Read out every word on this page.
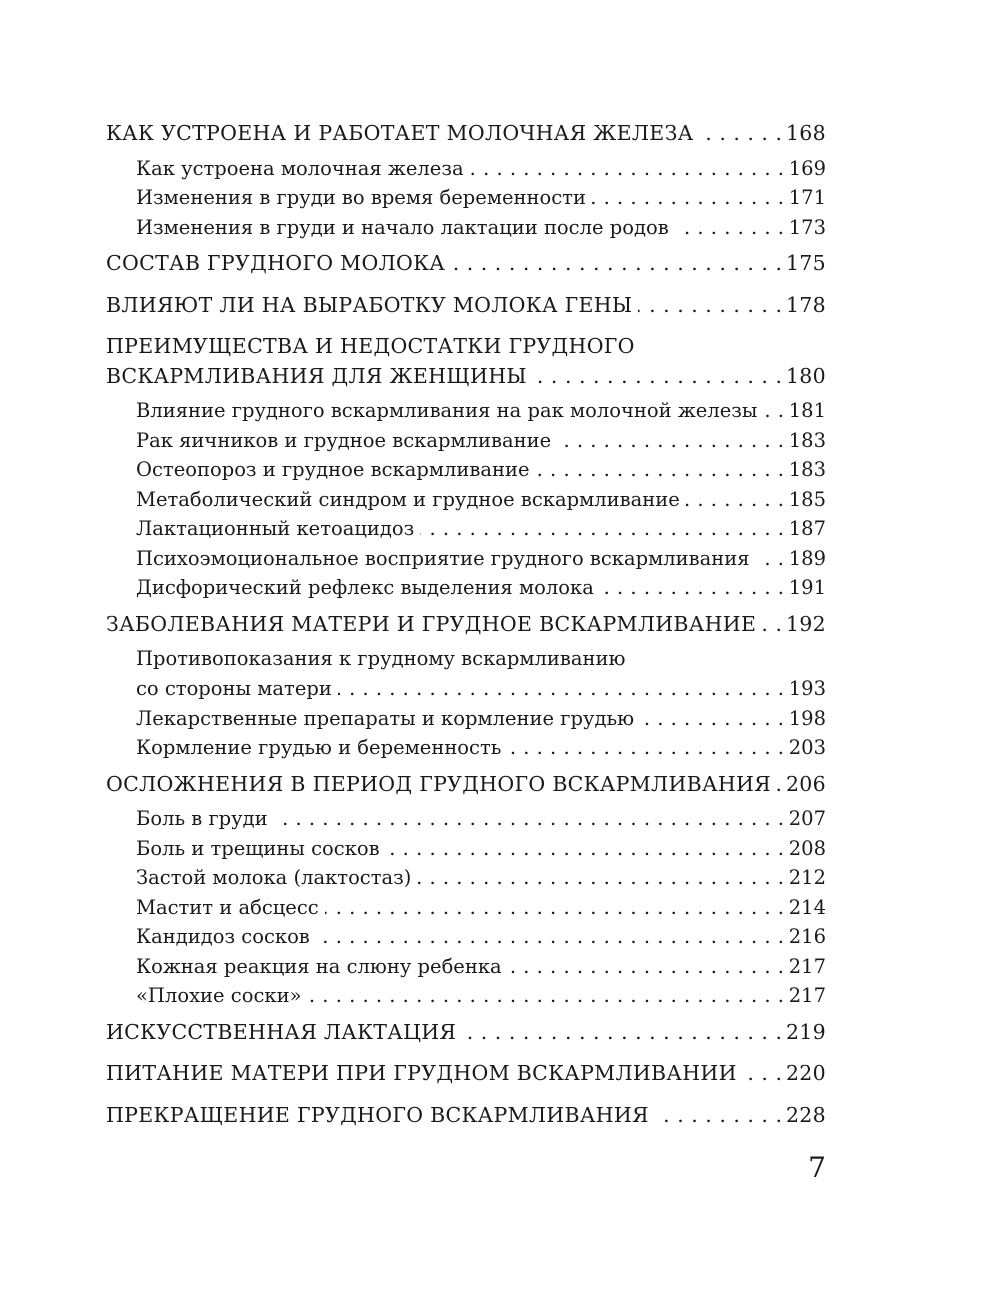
КАК УСТРОЕНА И РАБОТАЕТ МОЛОЧНАЯ ЖЕЛЕЗА . . .	168
Как устроена молочная железа . . .	169
Изменения в груди во время беременности . . .	171
Изменения в груди и начало лактации после родов . . .	173
СОСТАВ ГРУДНОГО МОЛОКА . . .	175
ВЛИЯЮТ ЛИ НА ВЫРАБОТКУ МОЛОКА ГЕНЫ . . .	178
ПРЕИМУЩЕСТВА И НЕДОСТАТКИ ГРУДНОГО
ВСКАРМЛИВАНИЯ ДЛЯ ЖЕНЩИНЫ . . .	180
Влияние грудного вскармливания на рак молочной железы . . . 181
Рак яичников и грудное вскармливание . . .	183
Остеопороз и грудное вскармливание . . .	183
Метаболический синдром и грудное вскармливание . . .	185
Лактационный кетоацидоз . . .	187
Психоэмоциональное восприятие грудного вскармливания . . . 189
Дисфорический рефлекс выделения молока . . .	191
ЗАБОЛЕВАНИЯ МАТЕРИ И ГРУДНОЕ ВСКАРМЛИВАНИЕ . . . 192
Противопоказания к грудному вскармливанию
со стороны матери . . .	193
Лекарственные препараты и кормление грудью . . .	198
Кормление грудью и беременность . . .	203
ОСЛОЖНЕНИЯ В ПЕРИОД ГРУДНОГО ВСКАРМЛИВАНИЯ . . . 206
Боль в груди . . .	207
Боль и трещины сосков . . .	208
Застой молока (лактостаз) . . .	212
Мастит и абсцесс . . .	214
Кандидоз сосков . . .	216
Кожная реакция на слюну ребенка . . .	217
«Плохие соски» . . .	217
ИСКУССТВЕННАЯ ЛАКТАЦИЯ . . .	219
ПИТАНИЕ МАТЕРИ ПРИ ГРУДНОМ ВСКАРМЛИВАНИИ . . . 220
ПРЕКРАЩЕНИЕ ГРУДНОГО ВСКАРМЛИВАНИЯ . . .	228
7
